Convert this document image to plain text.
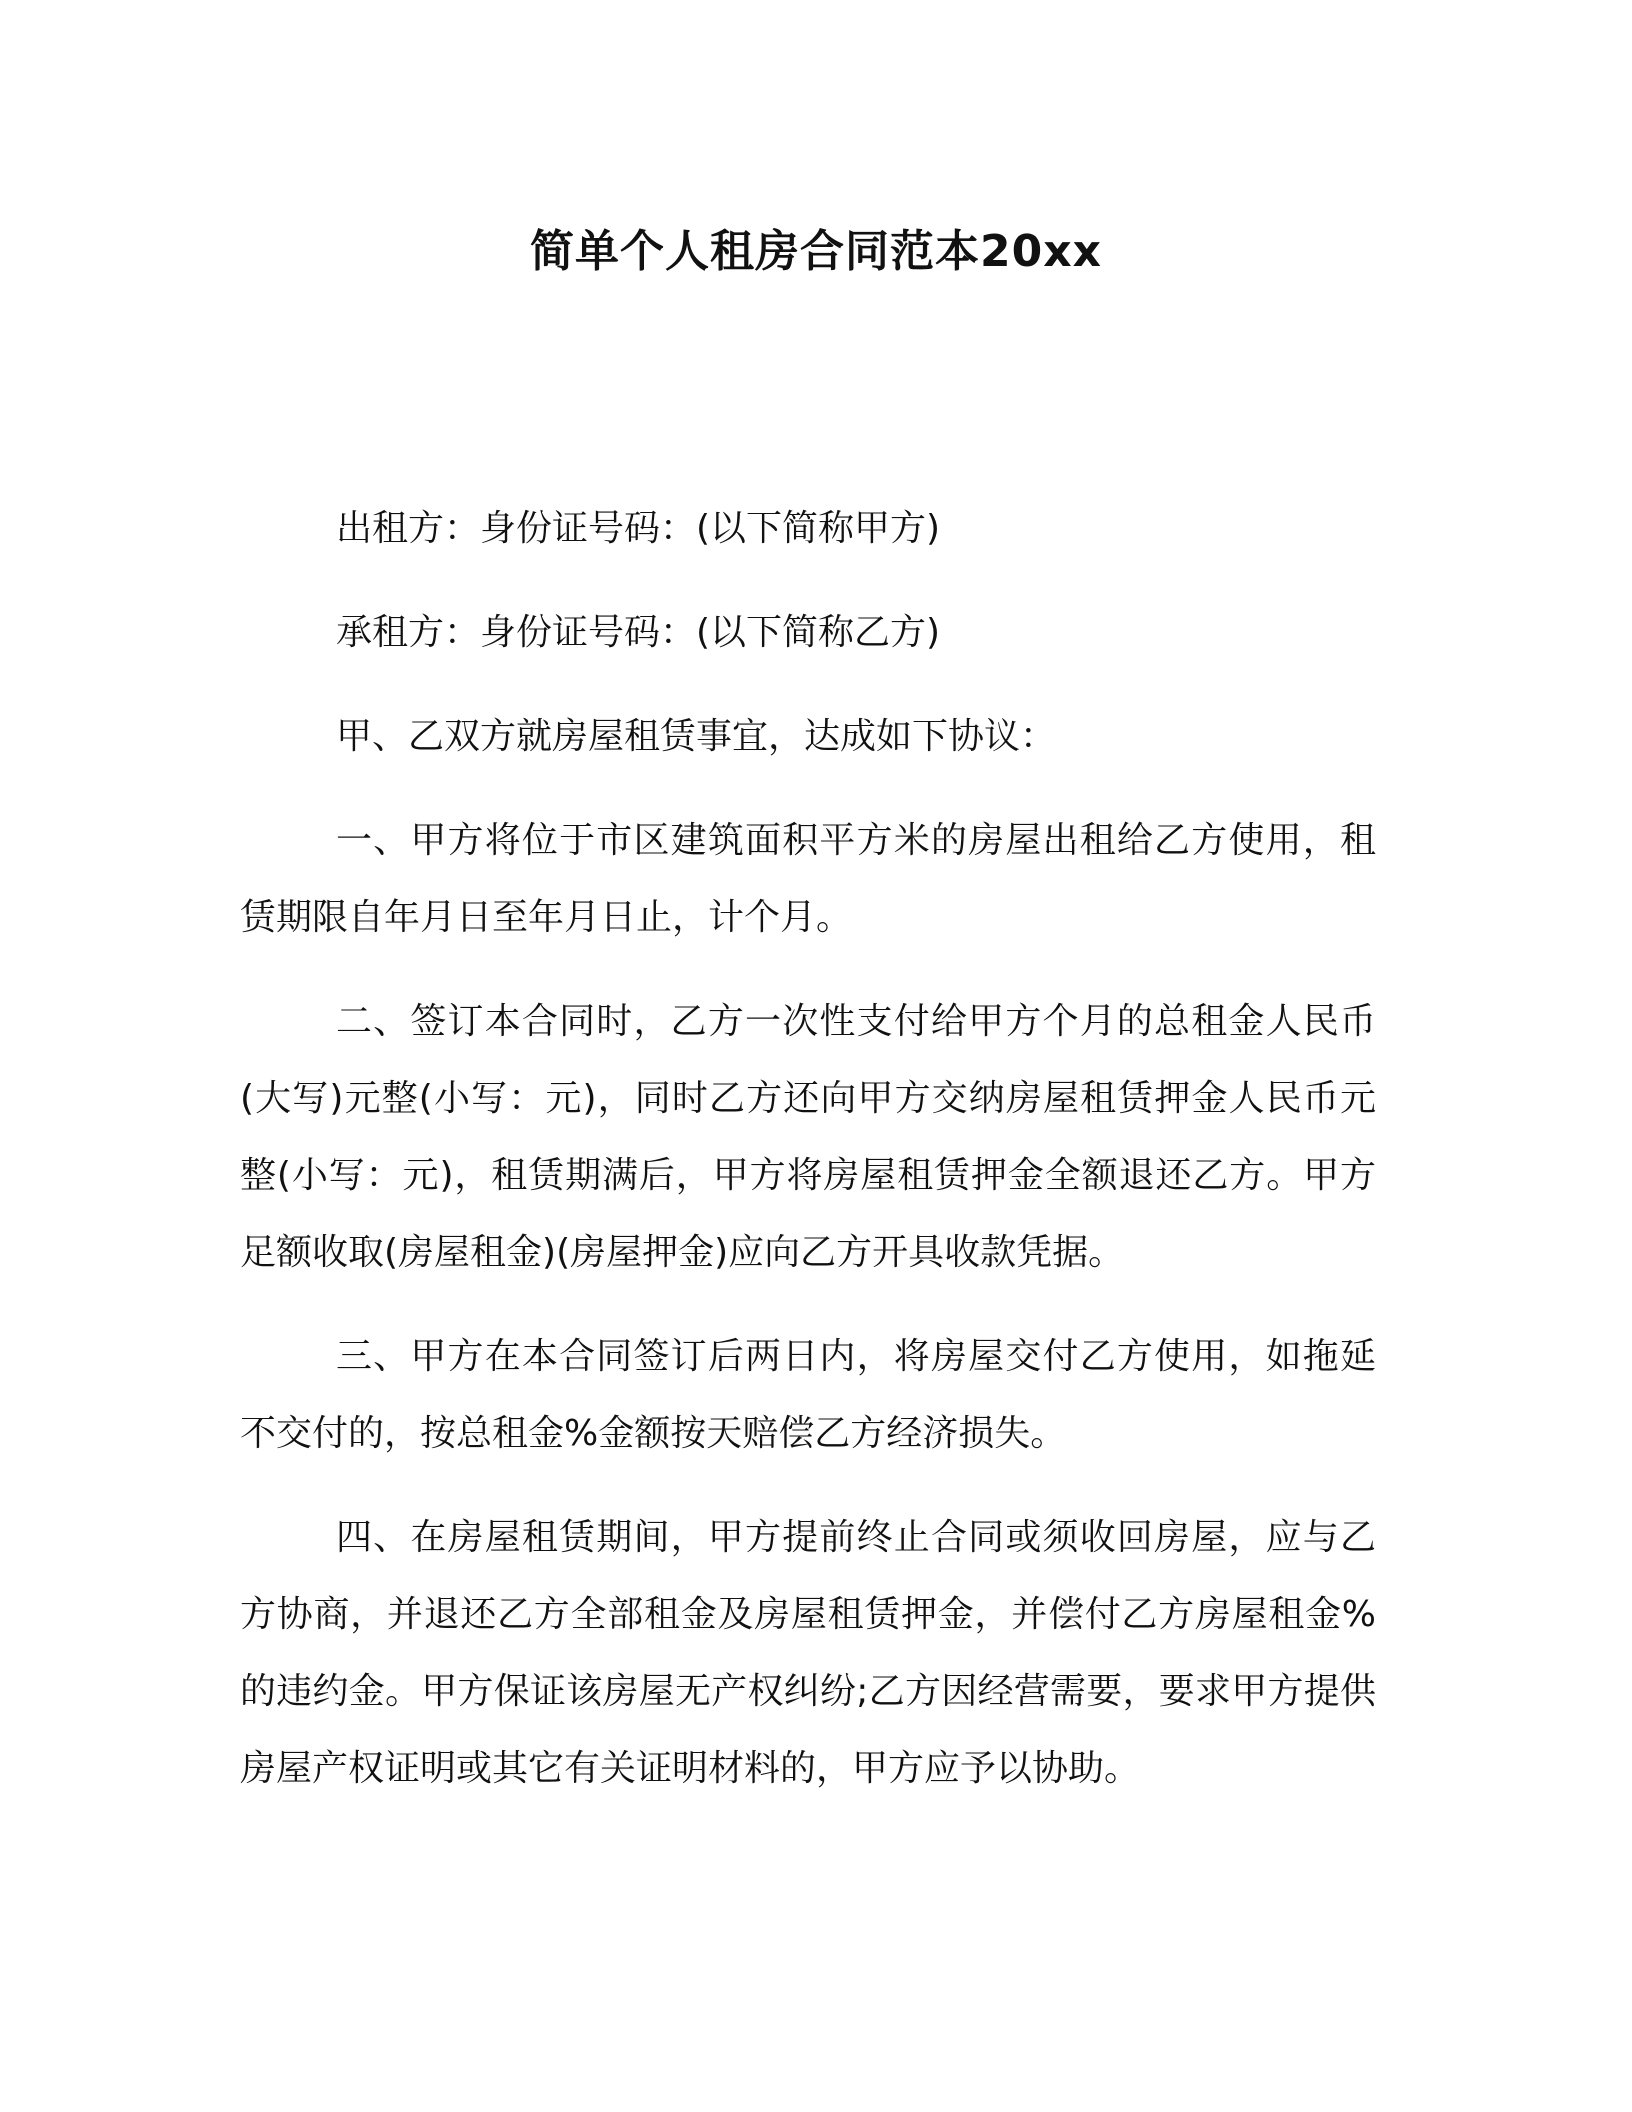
简单个人租房合同范本20xx

出租方：身份证号码：(以下简称甲方)

承租方：身份证号码：(以下简称乙方)

甲、乙双方就房屋租赁事宜，达成如下协议：

一、甲方将位于市区建筑面积平方米的房屋出租给乙方使用，租赁期限自年月日至年月日止，计个月。

二、签订本合同时，乙方一次性支付给甲方个月的总租金人民币(大写)元整(小写：元)，同时乙方还向甲方交纳房屋租赁押金人民币元整(小写：元)，租赁期满后，甲方将房屋租赁押金全额退还乙方。甲方足额收取(房屋租金)(房屋押金)应向乙方开具收款凭据。

三、甲方在本合同签订后两日内，将房屋交付乙方使用，如拖延不交付的，按总租金%金额按天赔偿乙方经济损失。

四、在房屋租赁期间，甲方提前终止合同或须收回房屋，应与乙方协商，并退还乙方全部租金及房屋租赁押金，并偿付乙方房屋租金%的违约金。甲方保证该房屋无产权纠纷;乙方因经营需要，要求甲方提供房屋产权证明或其它有关证明材料的，甲方应予以协助。
